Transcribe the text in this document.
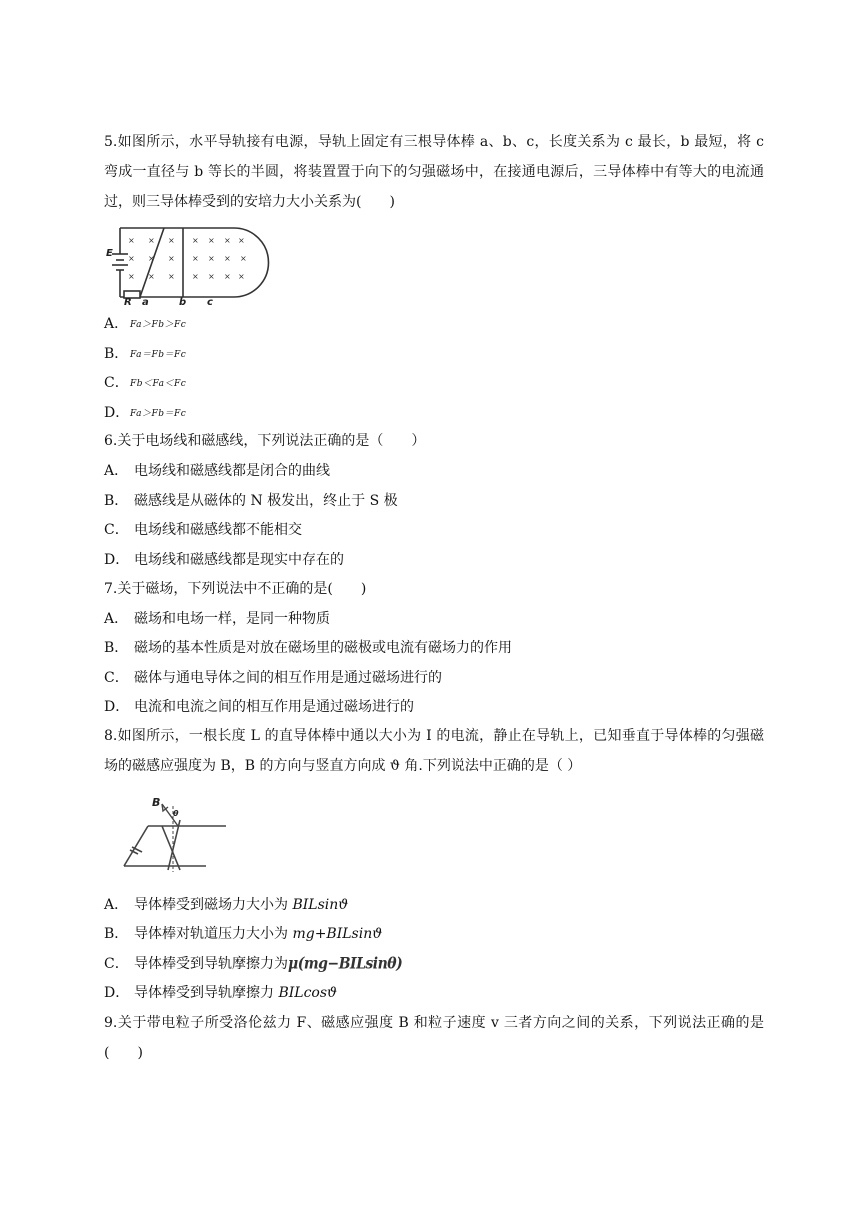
5.如图所示，水平导轨接有电源，导轨上固定有三根导体棒 a、b、c，长度关系为 c 最长，b 最短，将 c 弯成一直径与 b 等长的半圆，将装置置于向下的匀强磁场中，在接通电源后，三导体棒中有等大的电流通过，则三导体棒受到的安培力大小关系为(　　)
× × × × × × ×
× × × × × × ×
× × × × × × ×
E
R a	b c
A． Fa＞Fb＞Fc
B． Fa＝Fb＝Fc
C．Fb＜Fa＜Fc
D．Fa＞Fb＝Fc
6.关于电场线和磁感线，下列说法正确的是（　　）
A． 电场线和磁感线都是闭合的曲线
B． 磁感线是从磁体的 N 极发出，终止于 S 极
C． 电场线和磁感线都不能相交
D． 电场线和磁感线都是现实中存在的
7.关于磁场，下列说法中不正确的是(　　)
A． 磁场和电场一样，是同一种物质
B． 磁场的基本性质是对放在磁场里的磁极或电流有磁场力的作用
C． 磁体与通电导体之间的相互作用是通过磁场进行的
D． 电流和电流之间的相互作用是通过磁场进行的
8.如图所示，一根长度 L 的直导体棒中通以大小为 I 的电流，静止在导轨上，已知垂直于导体棒的匀强磁场的磁感应强度为 B，B 的方向与竖直方向成 ϑ 角.下列说法中正确的是（ ）
B
θ
A． 导体棒受到磁场力大小为 BILsinϑ
B． 导体棒对轨道压力大小为 mg+BILsinϑ
C． 导体棒受到导轨摩擦力为μ(mg−BILsinθ)
D． 导体棒受到导轨摩擦力 BILcosϑ
9.关于带电粒子所受洛伦兹力 F、磁感应强度 B 和粒子速度 v 三者方向之间的关系，下列说法正确的是(　　)
